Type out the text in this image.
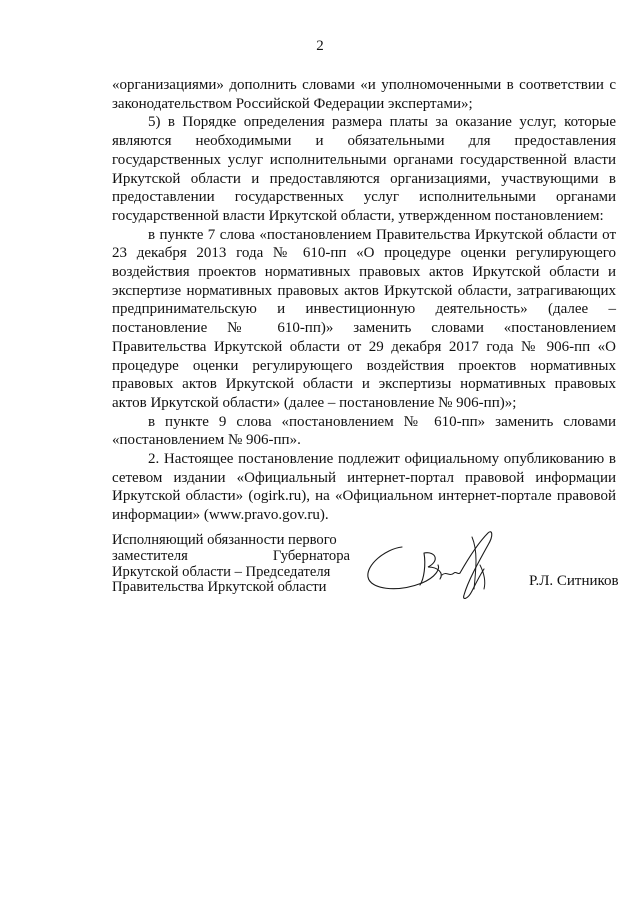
2

«организациями» дополнить словами «и уполномоченными в соответствии с законодательством Российской Федерации экспертами»;

5) в Порядке определения размера платы за оказание услуг, которые являются необходимыми и обязательными для предоставления государственных услуг исполнительными органами государственной власти Иркутской области и предоставляются организациями, участвующими в предоставлении государственных услуг исполнительными органами государственной власти Иркутской области, утвержденном постановлением:

в пункте 7 слова «постановлением Правительства Иркутской области от 23 декабря 2013 года № 610-пп «О процедуре оценки регулирующего воздействия проектов нормативных правовых актов Иркутской области и экспертизе нормативных правовых актов Иркутской области, затрагивающих предпринимательскую и инвестиционную деятельность» (далее – постановление № 610-пп)» заменить словами «постановлением Правительства Иркутской области от 29 декабря 2017 года № 906-пп «О процедуре оценки регулирующего воздействия проектов нормативных правовых актов Иркутской области и экспертизы нормативных правовых актов Иркутской области» (далее – постановление № 906-пп)»;

в пункте 9 слова «постановлением № 610-пп» заменить словами «постановлением № 906-пп».

2. Настоящее постановление подлежит официальному опубликованию в сетевом издании «Официальный интернет-портал правовой информации Иркутской области» (ogirk.ru), на «Официальном интернет-портале правовой информации» (www.pravo.gov.ru).

Исполняющий обязанности первого
заместителя Губернатора
Иркутской области – Председателя
Правительства Иркутской области	Р.Л. Ситников
